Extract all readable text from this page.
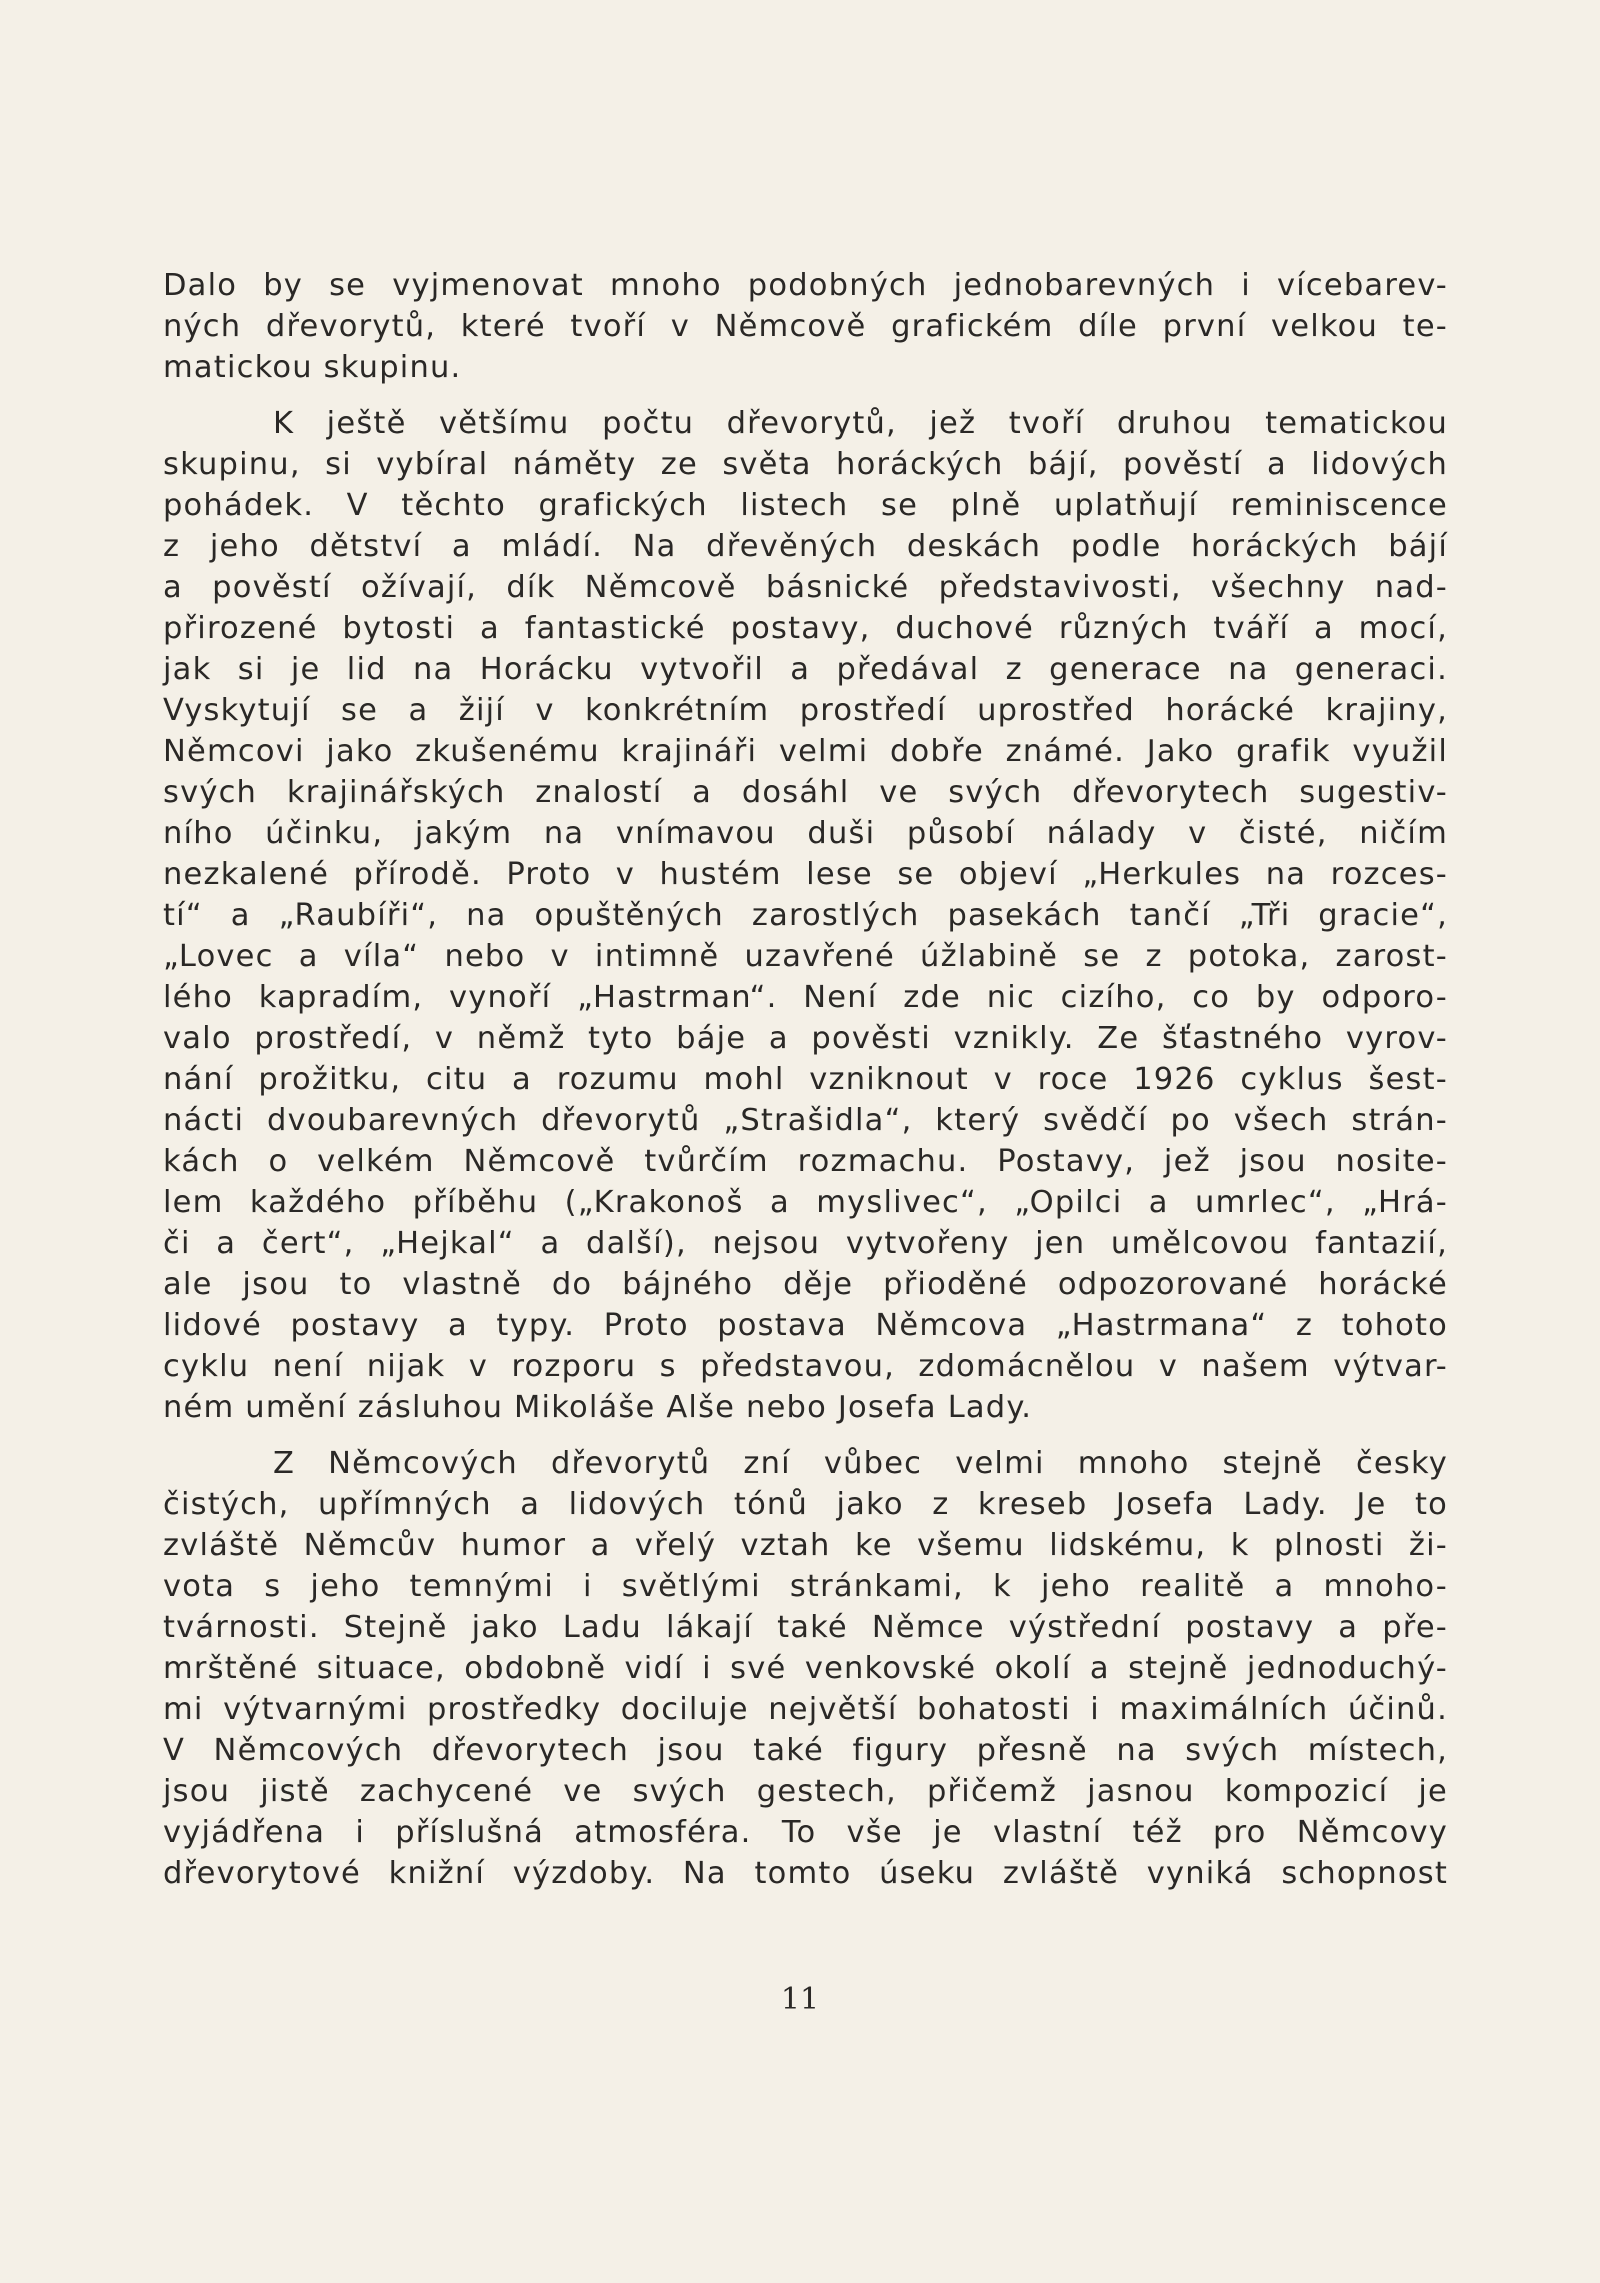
Dalo by se vyjmenovat mnoho podobných jednobarevných i vícebarev-
ných dřevorytů, které tvoří v Němcově grafickém díle první velkou te-
matickou skupinu.
K ještě většímu počtu dřevorytů, jež tvoří druhou tematickou
skupinu, si vybíral náměty ze světa horáckých bájí, pověstí a lidových
pohádek. V těchto grafických listech se plně uplatňují reminiscence
z jeho dětství a mládí. Na dřevěných deskách podle horáckých bájí
a pověstí ožívají, dík Němcově básnické představivosti, všechny nad-
přirozené bytosti a fantastické postavy, duchové různých tváří a mocí,
jak si je lid na Horácku vytvořil a předával z generace na generaci.
Vyskytují se a žijí v konkrétním prostředí uprostřed horácké krajiny,
Němcovi jako zkušenému krajináři velmi dobře známé. Jako grafik využil
svých krajinářských znalostí a dosáhl ve svých dřevorytech sugestiv-
ního účinku, jakým na vnímavou duši působí nálady v čisté, ničím
nezkalené přírodě. Proto v hustém lese se objeví „Herkules na rozces-
tí“ a „Raubíři“, na opuštěných zarostlých pasekách tančí „Tři gracie“,
„Lovec a víla“ nebo v intimně uzavřené úžlabině se z potoka, zarost-
lého kapradím, vynoří „Hastrman“. Není zde nic cizího, co by odporo-
valo prostředí, v němž tyto báje a pověsti vznikly. Ze šťastného vyrov-
nání prožitku, citu a rozumu mohl vzniknout v roce 1926 cyklus šest-
nácti dvoubarevných dřevorytů „Strašidla“, který svědčí po všech strán-
kách o velkém Němcově tvůrčím rozmachu. Postavy, jež jsou nosite-
lem každého příběhu („Krakonoš a myslivec“, „Opilci a umrlec“, „Hrá-
či a čert“, „Hejkal“ a další), nejsou vytvořeny jen umělcovou fantazií,
ale jsou to vlastně do bájného děje přioděné odpozorované horácké
lidové postavy a typy. Proto postava Němcova „Hastrmana“ z tohoto
cyklu není nijak v rozporu s představou, zdomácnělou v našem výtvar-
ném umění zásluhou Mikoláše Alše nebo Josefa Lady.
Z Němcových dřevorytů zní vůbec velmi mnoho stejně česky
čistých, upřímných a lidových tónů jako z kreseb Josefa Lady. Je to
zvláště Němcův humor a vřelý vztah ke všemu lidskému, k plnosti ži-
vota s jeho temnými i světlými stránkami, k jeho realitě a mnoho-
tvárnosti. Stejně jako Ladu lákají také Němce výstřední postavy a pře-
mrštěné situace, obdobně vidí i své venkovské okolí a stejně jednoduchý-
mi výtvarnými prostředky dociluje největší bohatosti i maximálních účinů.
V Němcových dřevorytech jsou také figury přesně na svých místech,
jsou jistě zachycené ve svých gestech, přičemž jasnou kompozicí je
vyjádřena i příslušná atmosféra. To vše je vlastní též pro Němcovy
dřevorytové knižní výzdoby. Na tomto úseku zvláště vyniká schopnost
11
